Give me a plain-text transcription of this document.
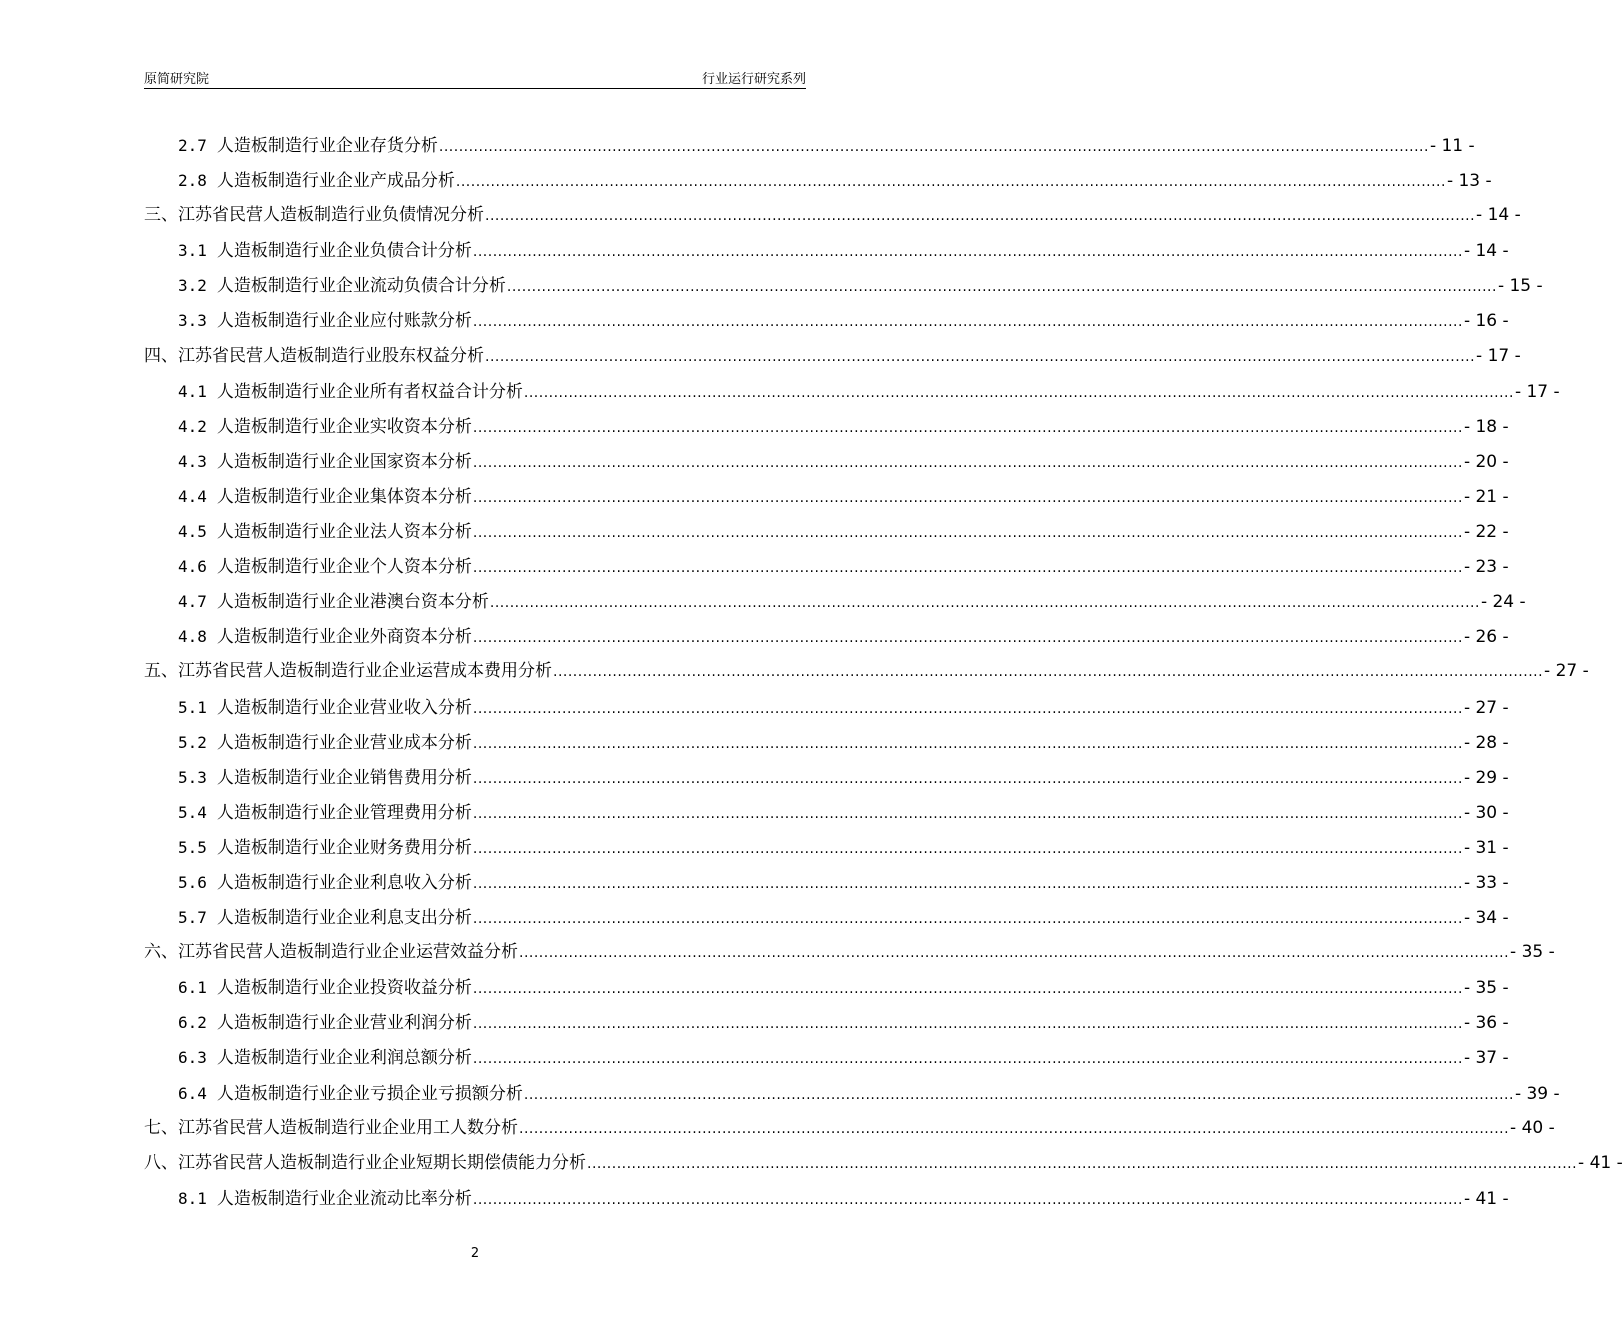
原简研究院	行业运行研究系列
2.7 人造板制造行业企业存货分析 ........................................................................................................................................................................................................ - 11 -
2.8 人造板制造行业企业产成品分析 ........................................................................................................................................................................................................ - 13 -
三、江苏省民营人造板制造行业负债情况分析 ........................................................................................................................................................................................................ - 14 -
3.1 人造板制造行业企业负债合计分析 ........................................................................................................................................................................................................ - 14 -
3.2 人造板制造行业企业流动负债合计分析 ........................................................................................................................................................................................................ - 15 -
3.3 人造板制造行业企业应付账款分析 ........................................................................................................................................................................................................ - 16 -
四、江苏省民营人造板制造行业股东权益分析 ........................................................................................................................................................................................................ - 17 -
4.1 人造板制造行业企业所有者权益合计分析 ........................................................................................................................................................................................................ - 17 -
4.2 人造板制造行业企业实收资本分析 ........................................................................................................................................................................................................ - 18 -
4.3 人造板制造行业企业国家资本分析 ........................................................................................................................................................................................................ - 20 -
4.4 人造板制造行业企业集体资本分析 ........................................................................................................................................................................................................ - 21 -
4.5 人造板制造行业企业法人资本分析 ........................................................................................................................................................................................................ - 22 -
4.6 人造板制造行业企业个人资本分析 ........................................................................................................................................................................................................ - 23 -
4.7 人造板制造行业企业港澳台资本分析 ........................................................................................................................................................................................................ - 24 -
4.8 人造板制造行业企业外商资本分析 ........................................................................................................................................................................................................ - 26 -
五、江苏省民营人造板制造行业企业运营成本费用分析 ........................................................................................................................................................................................................ - 27 -
5.1 人造板制造行业企业营业收入分析 ........................................................................................................................................................................................................ - 27 -
5.2 人造板制造行业企业营业成本分析 ........................................................................................................................................................................................................ - 28 -
5.3 人造板制造行业企业销售费用分析 ........................................................................................................................................................................................................ - 29 -
5.4 人造板制造行业企业管理费用分析 ........................................................................................................................................................................................................ - 30 -
5.5 人造板制造行业企业财务费用分析 ........................................................................................................................................................................................................ - 31 -
5.6 人造板制造行业企业利息收入分析 ........................................................................................................................................................................................................ - 33 -
5.7 人造板制造行业企业利息支出分析 ........................................................................................................................................................................................................ - 34 -
六、江苏省民营人造板制造行业企业运营效益分析 ........................................................................................................................................................................................................ - 35 -
6.1 人造板制造行业企业投资收益分析 ........................................................................................................................................................................................................ - 35 -
6.2 人造板制造行业企业营业利润分析 ........................................................................................................................................................................................................ - 36 -
6.3 人造板制造行业企业利润总额分析 ........................................................................................................................................................................................................ - 37 -
6.4 人造板制造行业企业亏损企业亏损额分析 ........................................................................................................................................................................................................ - 39 -
七、江苏省民营人造板制造行业企业用工人数分析 ........................................................................................................................................................................................................ - 40 -
八、江苏省民营人造板制造行业企业短期长期偿债能力分析 ........................................................................................................................................................................................................ - 41 -
8.1 人造板制造行业企业流动比率分析 ........................................................................................................................................................................................................ - 41 -
2
